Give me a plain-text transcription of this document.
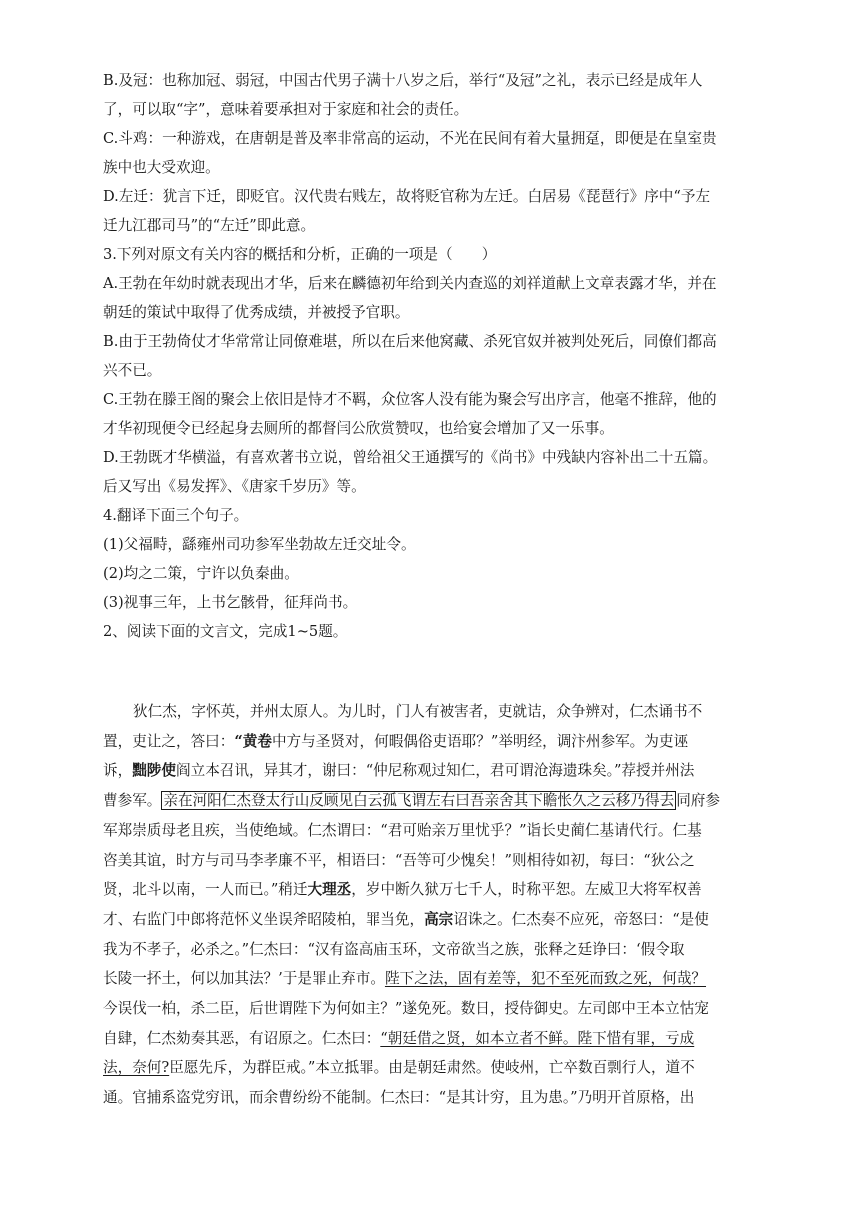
B.及冠：也称加冠、弱冠，中国古代男子满十八岁之后，举行“及冠”之礼，表示已经是成年人

了，可以取“字”，意味着要承担对于家庭和社会的责任。

C.斗鸡：一种游戏，在唐朝是普及率非常高的运动，不光在民间有着大量拥趸，即便是在皇室贵

族中也大受欢迎。

D.左迁：犹言下迁，即贬官。汉代贵右贱左，故将贬官称为左迁。白居易《琵琶行》序中“予左

迁九江郡司马”的“左迁”即此意。

3.下列对原文有关内容的概括和分析，正确的一项是（　　）

A.王勃在年幼时就表现出才华，后来在麟德初年给到关内查巡的刘祥道献上文章表露才华，并在

朝廷的策试中取得了优秀成绩，并被授予官职。

B.由于王勃倚仗才华常常让同僚难堪，所以在后来他窝藏、杀死官奴并被判处死后，同僚们都高

兴不已。

C.王勃在滕王阁的聚会上依旧是恃才不羁，众位客人没有能为聚会写出序言，他毫不推辞，他的

才华初现便令已经起身去厕所的都督闫公欣赏赞叹，也给宴会增加了又一乐事。

D.王勃既才华横溢，有喜欢著书立说，曾给祖父王通撰写的《尚书》中残缺内容补出二十五篇。

后又写出《易发挥》、《唐家千岁历》等。

4.翻译下面三个句子。

(1)父福畤，繇雍州司功参军坐勃故左迁交址令。

(2)均之二策，宁许以负秦曲。

(3)视事三年，上书乞骸骨，征拜尚书。

2、阅读下面的文言文，完成1~5题。

狄仁杰，字怀英，并州太原人。为儿时，门人有被害者，吏就诘，众争辨对，仁杰诵书不

置，吏让之，答曰：“黄卷中方与圣贤对，何暇偶俗吏语耶？”举明经，调汴州参军。为吏诬

诉，黜陟使阎立本召讯，异其才，谢曰：“仲尼称观过知仁，君可谓沧海遗珠矣。”荐授并州法

曹参军。 亲在河阳仁杰登太行山反顾见白云孤飞谓左右曰吾亲舍其下瞻怅久之云移乃得去 同府参

军郑崇质母老且疾，当使绝域。仁杰谓曰：“君可贻亲万里忧乎？”诣长史蔺仁基请代行。仁基

咨美其谊，时方与司马李孝廉不平，相语曰：“吾等可少愧矣！”则相待如初，每曰：“狄公之

贤，北斗以南，一人而已。”稍迁大理丞，岁中断久狱万七千人，时称平恕。左威卫大将军权善

才、右监门中郎将范怀义坐误斧昭陵柏，罪当免，高宗诏诛之。仁杰奏不应死，帝怒曰：“是使

我为不孝子，必杀之。”仁杰曰：“汉有盗高庙玉环，文帝欲当之族，张释之廷诤曰：‘假令取

长陵一抔土，何以加其法？’于是罪止弃市。陛下之法，固有差等，犯不至死而致之死，何哉？

今误伐一柏，杀二臣，后世谓陛下为何如主？”遂免死。数日，授侍御史。左司郎中王本立怙宠

自肆，仁杰劾奏其恶，有诏原之。仁杰曰：“朝廷借之贤，如本立者不鲜。陛下惜有罪，亏成

法，奈何?臣愿先斥，为群臣戒。”本立抵罪。由是朝廷肃然。使岐州，亡卒数百剽行人，道不

通。官捕系盗党穷讯，而余曹纷纷不能制。仁杰曰：“是其计穷，且为患。”乃明开首原格，出
